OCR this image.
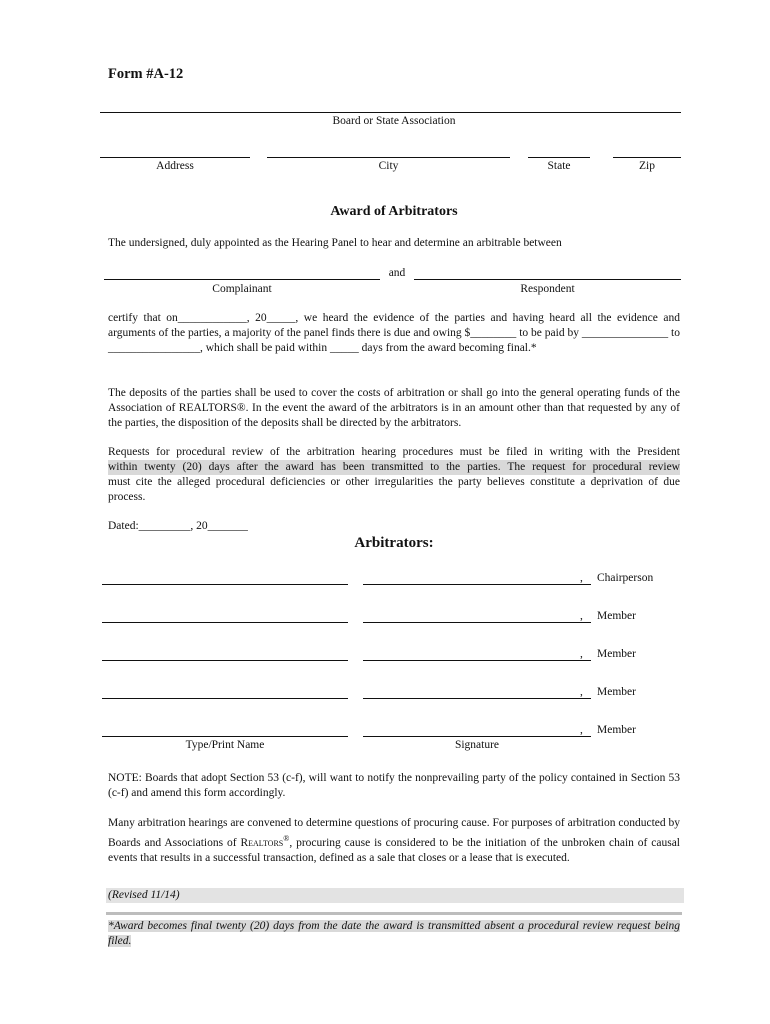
Form #A-12
Board or State Association
Address	City	State	Zip
Award of Arbitrators
The undersigned, duly appointed as the Hearing Panel to hear and determine an arbitrable between
and
Complainant	Respondent
certify that on____________, 20_____, we heard the evidence of the parties and having heard all the evidence and arguments of the parties, a majority of the panel finds there is due and owing $________ to be paid by _______________ to ________________, which shall be paid within _____ days from the award becoming final.*
The deposits of the parties shall be used to cover the costs of arbitration or shall go into the general operating funds of the Association of REALTORS®. In the event the award of the arbitrators is in an amount other than that requested by any of the parties, the disposition of the deposits shall be directed by the arbitrators.
Requests for procedural review of the arbitration hearing procedures must be filed in writing with the President
within twenty (20) days after the award has been transmitted to the parties. The request for procedural review
must cite the alleged procedural deficiencies or other irregularities the party believes constitute a deprivation of due process.
Dated:_________, 20_______
Arbitrators:
, Chairperson
, Member
, Member
, Member
, Member
Type/Print Name	Signature
NOTE: Boards that adopt Section 53 (c-f), will want to notify the nonprevailing party of the policy contained in Section 53 (c-f) and amend this form accordingly.
Many arbitration hearings are convened to determine questions of procuring cause. For purposes of arbitration conducted by Boards and Associations of Realtors®, procuring cause is considered to be the initiation of the unbroken chain of causal events that results in a successful transaction, defined as a sale that closes or a lease that is executed.
(Revised 11/14)
*Award becomes final twenty (20) days from the date the award is transmitted absent a procedural review request being filed.
